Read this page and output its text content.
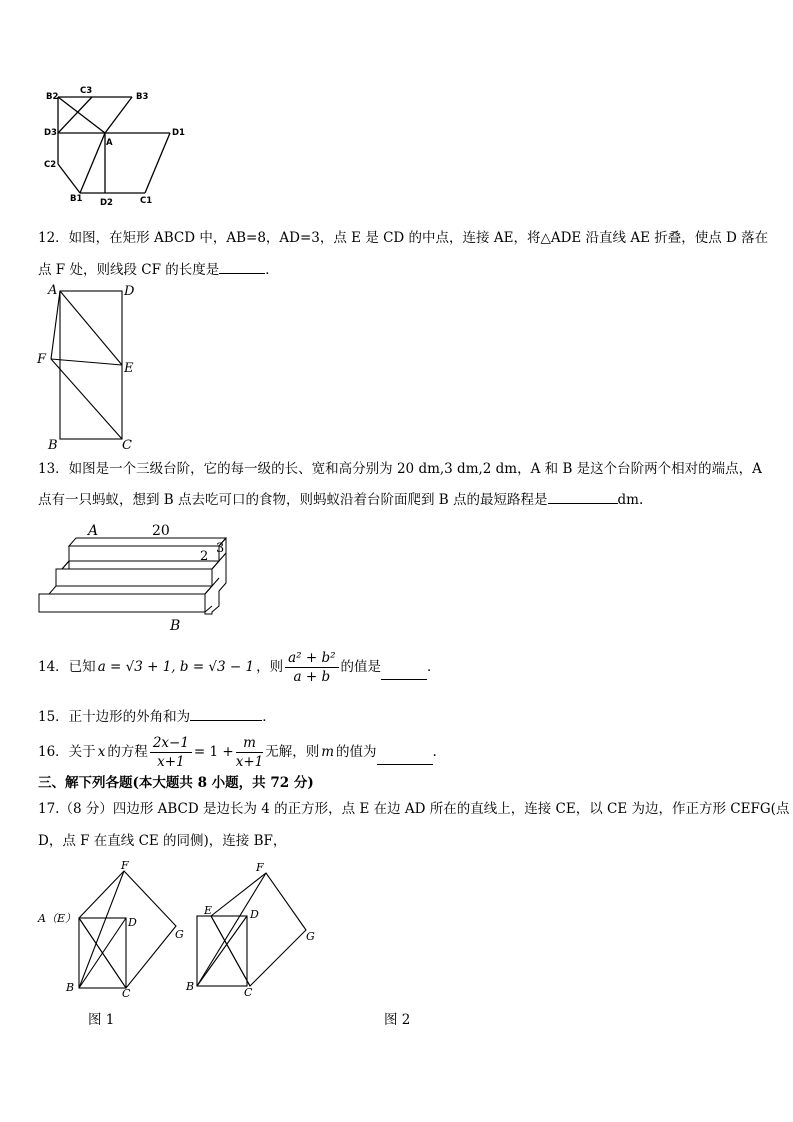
B2
C3
B3
D3
A
D1
C2
B1 D2	C1
12．如图，在矩形 ABCD 中，AB=8，AD=3，点 E 是 CD 的中点，连接 AE，将△ADE 沿直线 AE 折叠，使点 D 落在
点 F 处，则线段 CF 的长度是	．
A	D
F
E
B	C
13．如图是一个三级台阶，它的每一级的长、宽和高分别为 20 dm,3 dm,2 dm，A 和 B 是这个台阶两个相对的端点，A
点有一只蚂蚁，想到 B 点去吃可口的食物，则蚂蚁沿着台阶面爬到 B 点的最短路程是	dm.
A	20
2
3
B
14．已知 a = √3 + 1, b = √3 − 1 ，则 $\frac{\text{a² + b²}}{a + b}$ 的值是	．
15．正十边形的外角和为	．
16．关于 x 的方程 $\frac{2x-1}{x+1} = 1 + \frac{m}{x+1}$ 无解，则 m 的值为	.
三、解下列各题(本大题共 8 小题，共 72 分)
17.（8 分）四边形 ABCD 是边长为 4 的正方形，点 E 在边 AD 所在的直线上，连接 CE，以 CE 为边，作正方形 CEFG(点
D，点 F 在直线 CE 的同侧)，连接 BF，
F
A（E）	D
G
B	C
F
E	D
G
B	C
图 1	图 2
